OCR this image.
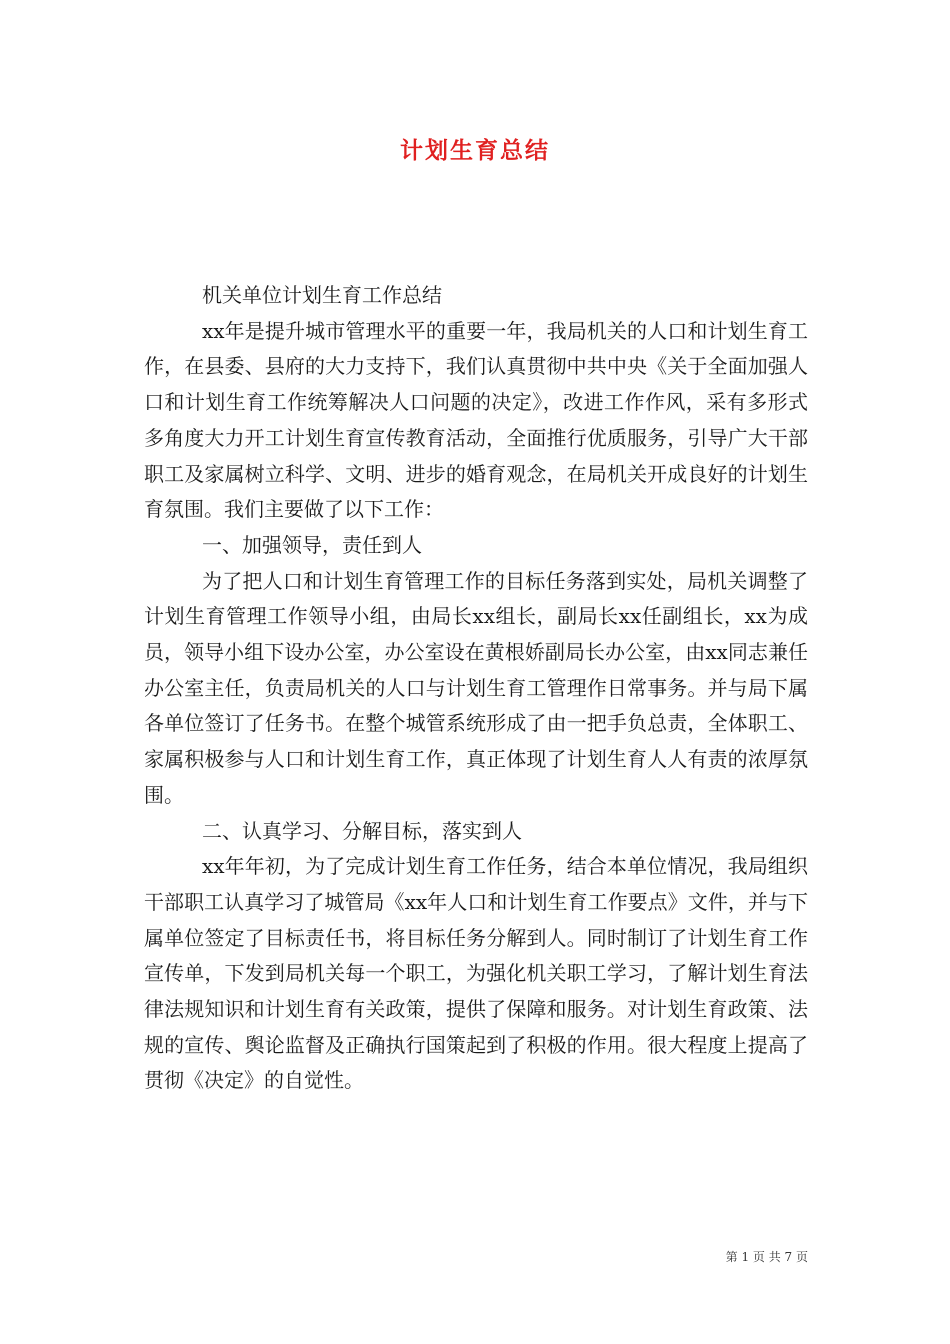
计划生育总结

机关单位计划生育工作总结

xx年是提升城市管理水平的重要一年，我局机关的人口和计划生育工作，在县委、县府的大力支持下，我们认真贯彻中共中央《关于全面加强人口和计划生育工作统筹解决人口问题的决定》，改进工作作风，采有多形式多角度大力开工计划生育宣传教育活动，全面推行优质服务，引导广大干部职工及家属树立科学、文明、进步的婚育观念，在局机关开成良好的计划生育氛围。我们主要做了以下工作：

一、加强领导，责任到人

为了把人口和计划生育管理工作的目标任务落到实处，局机关调整了计划生育管理工作领导小组，由局长xx组长，副局长xx任副组长，xx为成员，领导小组下设办公室，办公室设在黄根娇副局长办公室，由xx同志兼任办公室主任，负责局机关的人口与计划生育工管理作日常事务。并与局下属各单位签订了任务书。在整个城管系统形成了由一把手负总责，全体职工、家属积极参与人口和计划生育工作，真正体现了计划生育人人有责的浓厚氛围。

二、认真学习、分解目标，落实到人

xx年年初，为了完成计划生育工作任务，结合本单位情况，我局组织干部职工认真学习了城管局《xx年人口和计划生育工作要点》文件，并与下属单位签定了目标责任书，将目标任务分解到人。同时制订了计划生育工作宣传单，下发到局机关每一个职工，为强化机关职工学习，了解计划生育法律法规知识和计划生育有关政策，提供了保障和服务。对计划生育政策、法规的宣传、舆论监督及正确执行国策起到了积极的作用。很大程度上提高了贯彻《决定》的自觉性。

第 1 页 共 7 页
